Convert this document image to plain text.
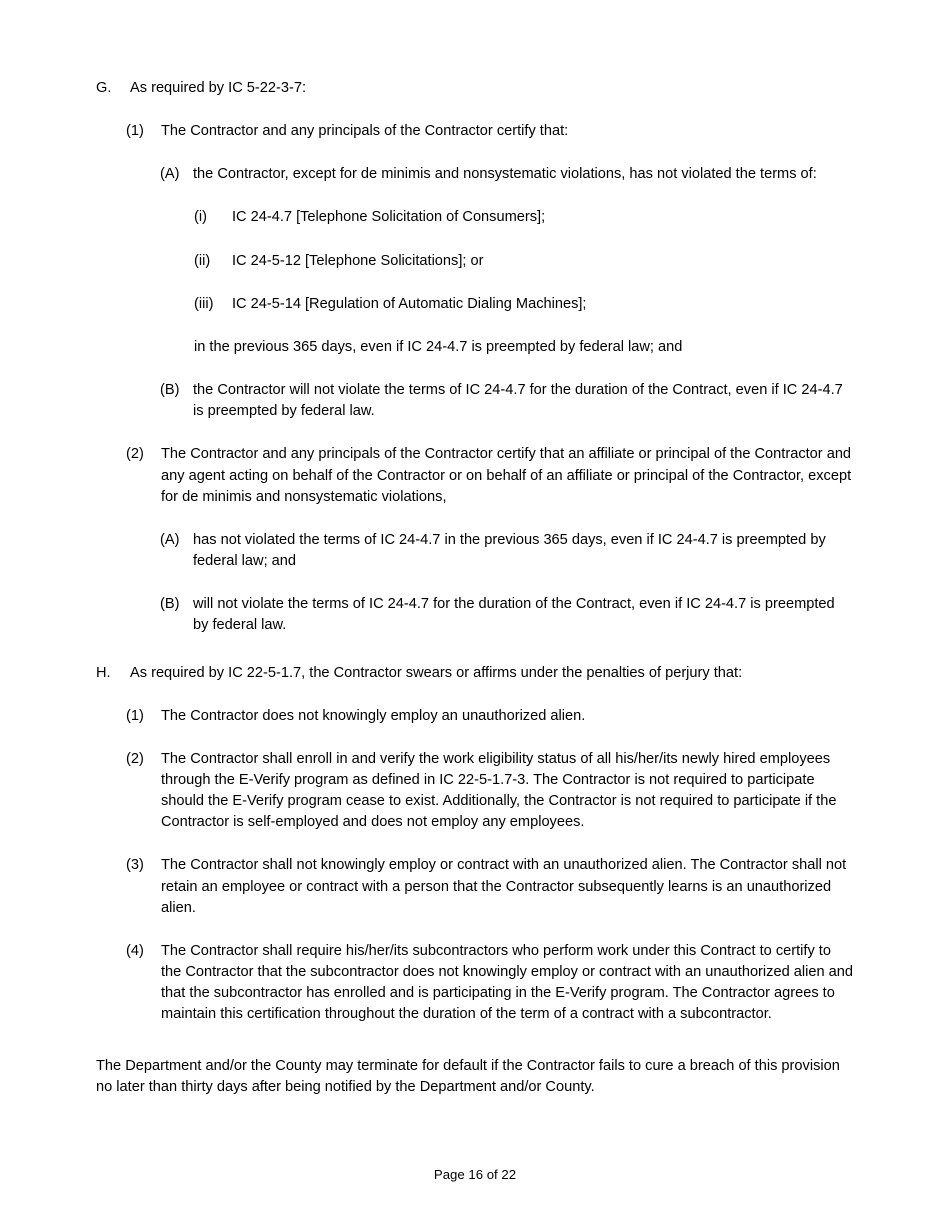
G. As required by IC 5-22-3-7:
(1) The Contractor and any principals of the Contractor certify that:
(A) the Contractor, except for de minimis and nonsystematic violations, has not violated the terms of:
(i) IC 24-4.7 [Telephone Solicitation of Consumers];
(ii) IC 24-5-12 [Telephone Solicitations]; or
(iii) IC 24-5-14 [Regulation of Automatic Dialing Machines];
in the previous 365 days, even if IC 24-4.7 is preempted by federal law; and
(B) the Contractor will not violate the terms of IC 24-4.7 for the duration of the Contract, even if IC 24-4.7 is preempted by federal law.
(2) The Contractor and any principals of the Contractor certify that an affiliate or principal of the Contractor and any agent acting on behalf of the Contractor or on behalf of an affiliate or principal of the Contractor, except for de minimis and nonsystematic violations,
(A) has not violated the terms of IC 24-4.7 in the previous 365 days, even if IC 24-4.7 is preempted by federal law; and
(B) will not violate the terms of IC 24-4.7 for the duration of the Contract, even if IC 24-4.7 is preempted by federal law.
H. As required by IC 22-5-1.7, the Contractor swears or affirms under the penalties of perjury that:
(1) The Contractor does not knowingly employ an unauthorized alien.
(2) The Contractor shall enroll in and verify the work eligibility status of all his/her/its newly hired employees through the E-Verify program as defined in IC 22-5-1.7-3. The Contractor is not required to participate should the E-Verify program cease to exist. Additionally, the Contractor is not required to participate if the Contractor is self-employed and does not employ any employees.
(3) The Contractor shall not knowingly employ or contract with an unauthorized alien. The Contractor shall not retain an employee or contract with a person that the Contractor subsequently learns is an unauthorized alien.
(4) The Contractor shall require his/her/its subcontractors who perform work under this Contract to certify to the Contractor that the subcontractor does not knowingly employ or contract with an unauthorized alien and that the subcontractor has enrolled and is participating in the E-Verify program. The Contractor agrees to maintain this certification throughout the duration of the term of a contract with a subcontractor.
The Department and/or the County may terminate for default if the Contractor fails to cure a breach of this provision no later than thirty days after being notified by the Department and/or County.
Page 16 of 22
